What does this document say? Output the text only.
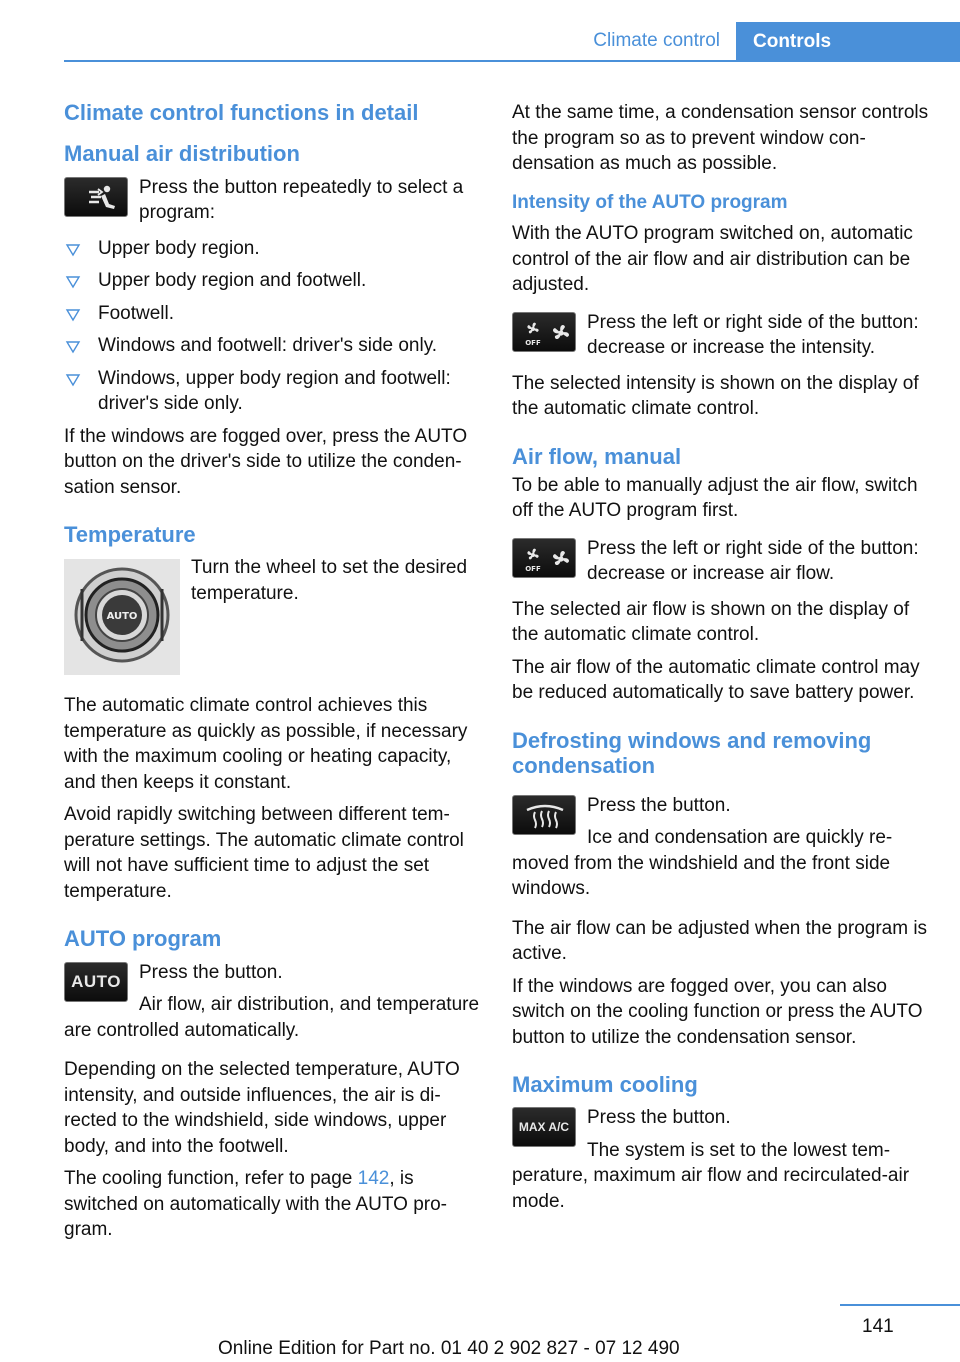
Climate control	Controls
Climate control functions in detail
Manual air distribution
Press the button repeatedly to select a program:
Upper body region.
Upper body region and footwell.
Footwell.
Windows and footwell: driver's side only.
Windows, upper body region and footwell: driver's side only.

If the windows are fogged over, press the AUTO button on the driver's side to utilize the condensation sensor.

Temperature
AUTO
Turn the wheel to set the desired temperature.

The automatic climate control achieves this temperature as quickly as possible, if necessary with the maximum cooling or heating capacity, and then keeps it constant.

Avoid rapidly switching between different temperature settings. The automatic climate control will not have sufficient time to adjust the set temperature.

AUTO program
AUTO Press the button.
Air flow, air distribution, and temperature are controlled automatically.

Depending on the selected temperature, AUTO intensity, and outside influences, the air is directed to the windshield, side windows, upper body, and into the footwell.

The cooling function, refer to page 142, is switched on automatically with the AUTO program.

At the same time, a condensation sensor controls the program so as to prevent window condensation as much as possible.

Intensity of the AUTO program

With the AUTO program switched on, automatic control of the air flow and air distribution can be adjusted.

OFF
Press the left or right side of the button: decrease or increase the intensity.

The selected intensity is shown on the display of the automatic climate control.

Air flow, manual

To be able to manually adjust the air flow, switch off the AUTO program first.

OFF
Press the left or right side of the button: decrease or increase air flow.

The selected air flow is shown on the display of the automatic climate control.

The air flow of the automatic climate control may be reduced automatically to save battery power.

Defrosting windows and removing condensation
Press the button.
Ice and condensation are quickly removed from the windshield and the front side windows.

The air flow can be adjusted when the program is active.

If the windows are fogged over, you can also switch on the cooling function or press the AUTO button to utilize the condensation sensor.

Maximum cooling
MAX A/C Press the button.
The system is set to the lowest temperature, maximum air flow and recirculated-air mode.
141
Online Edition for Part no. 01 40 2 902 827 - 07 12 490
